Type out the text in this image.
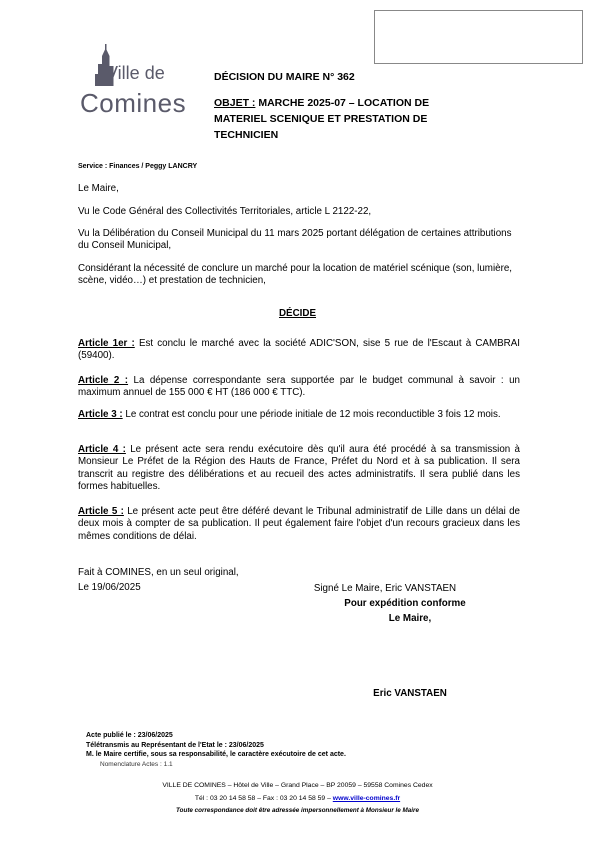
Ville de
Comines
DÉCISION DU MAIRE N° 362
OBJET : MARCHE 2025-07 – LOCATION DE MATERIEL SCENIQUE ET PRESTATION DE TECHNICIEN
Service : Finances / Peggy LANCRY
Le Maire,
Vu le Code Général des Collectivités Territoriales, article L 2122-22,
Vu la Délibération du Conseil Municipal du 11 mars 2025 portant délégation de certaines attributions du Conseil Municipal,
Considérant la nécessité de conclure un marché pour la location de matériel scénique (son, lumière, scène, vidéo…) et prestation de technicien,
DÉCIDE
Article 1er : Est conclu le marché avec la société ADIC'SON, sise 5 rue de l'Escaut à CAMBRAI (59400).
Article 2 : La dépense correspondante sera supportée par le budget communal à savoir : un maximum annuel de 155 000 € HT (186 000 € TTC).
Article 3 : Le contrat est conclu pour une période initiale de 12 mois reconductible 3 fois 12 mois.
Article 4 : Le présent acte sera rendu exécutoire dès qu'il aura été procédé à sa transmission à Monsieur Le Préfet de la Région des Hauts de France, Préfet du Nord et à sa publication. Il sera transcrit au registre des délibérations et au recueil des actes administratifs. Il sera publié dans les formes habituelles.
Article 5 : Le présent acte peut être déféré devant le Tribunal administratif de Lille dans un délai de deux mois à compter de sa publication. Il peut également faire l'objet d'un recours gracieux dans les mêmes conditions de délai.
Fait à COMINES, en un seul original,
Le 19/06/2025	Signé Le Maire, Eric VANSTAEN
Pour expédition conforme
Le Maire,
Eric VANSTAEN
Acte publié le : 23/06/2025
Télétransmis au Représentant de l'Etat le : 23/06/2025
M. le Maire certifie, sous sa responsabilité, le caractère exécutoire de cet acte.
Nomenclature Actes : 1.1
VILLE DE COMINES – Hôtel de Ville – Grand Place – BP 20059 – 59558 Comines Cedex
Tél : 03 20 14 58 58 – Fax : 03 20 14 58 59 – www.ville-comines.fr
Toute correspondance doit être adressée impersonnellement à Monsieur le Maire
